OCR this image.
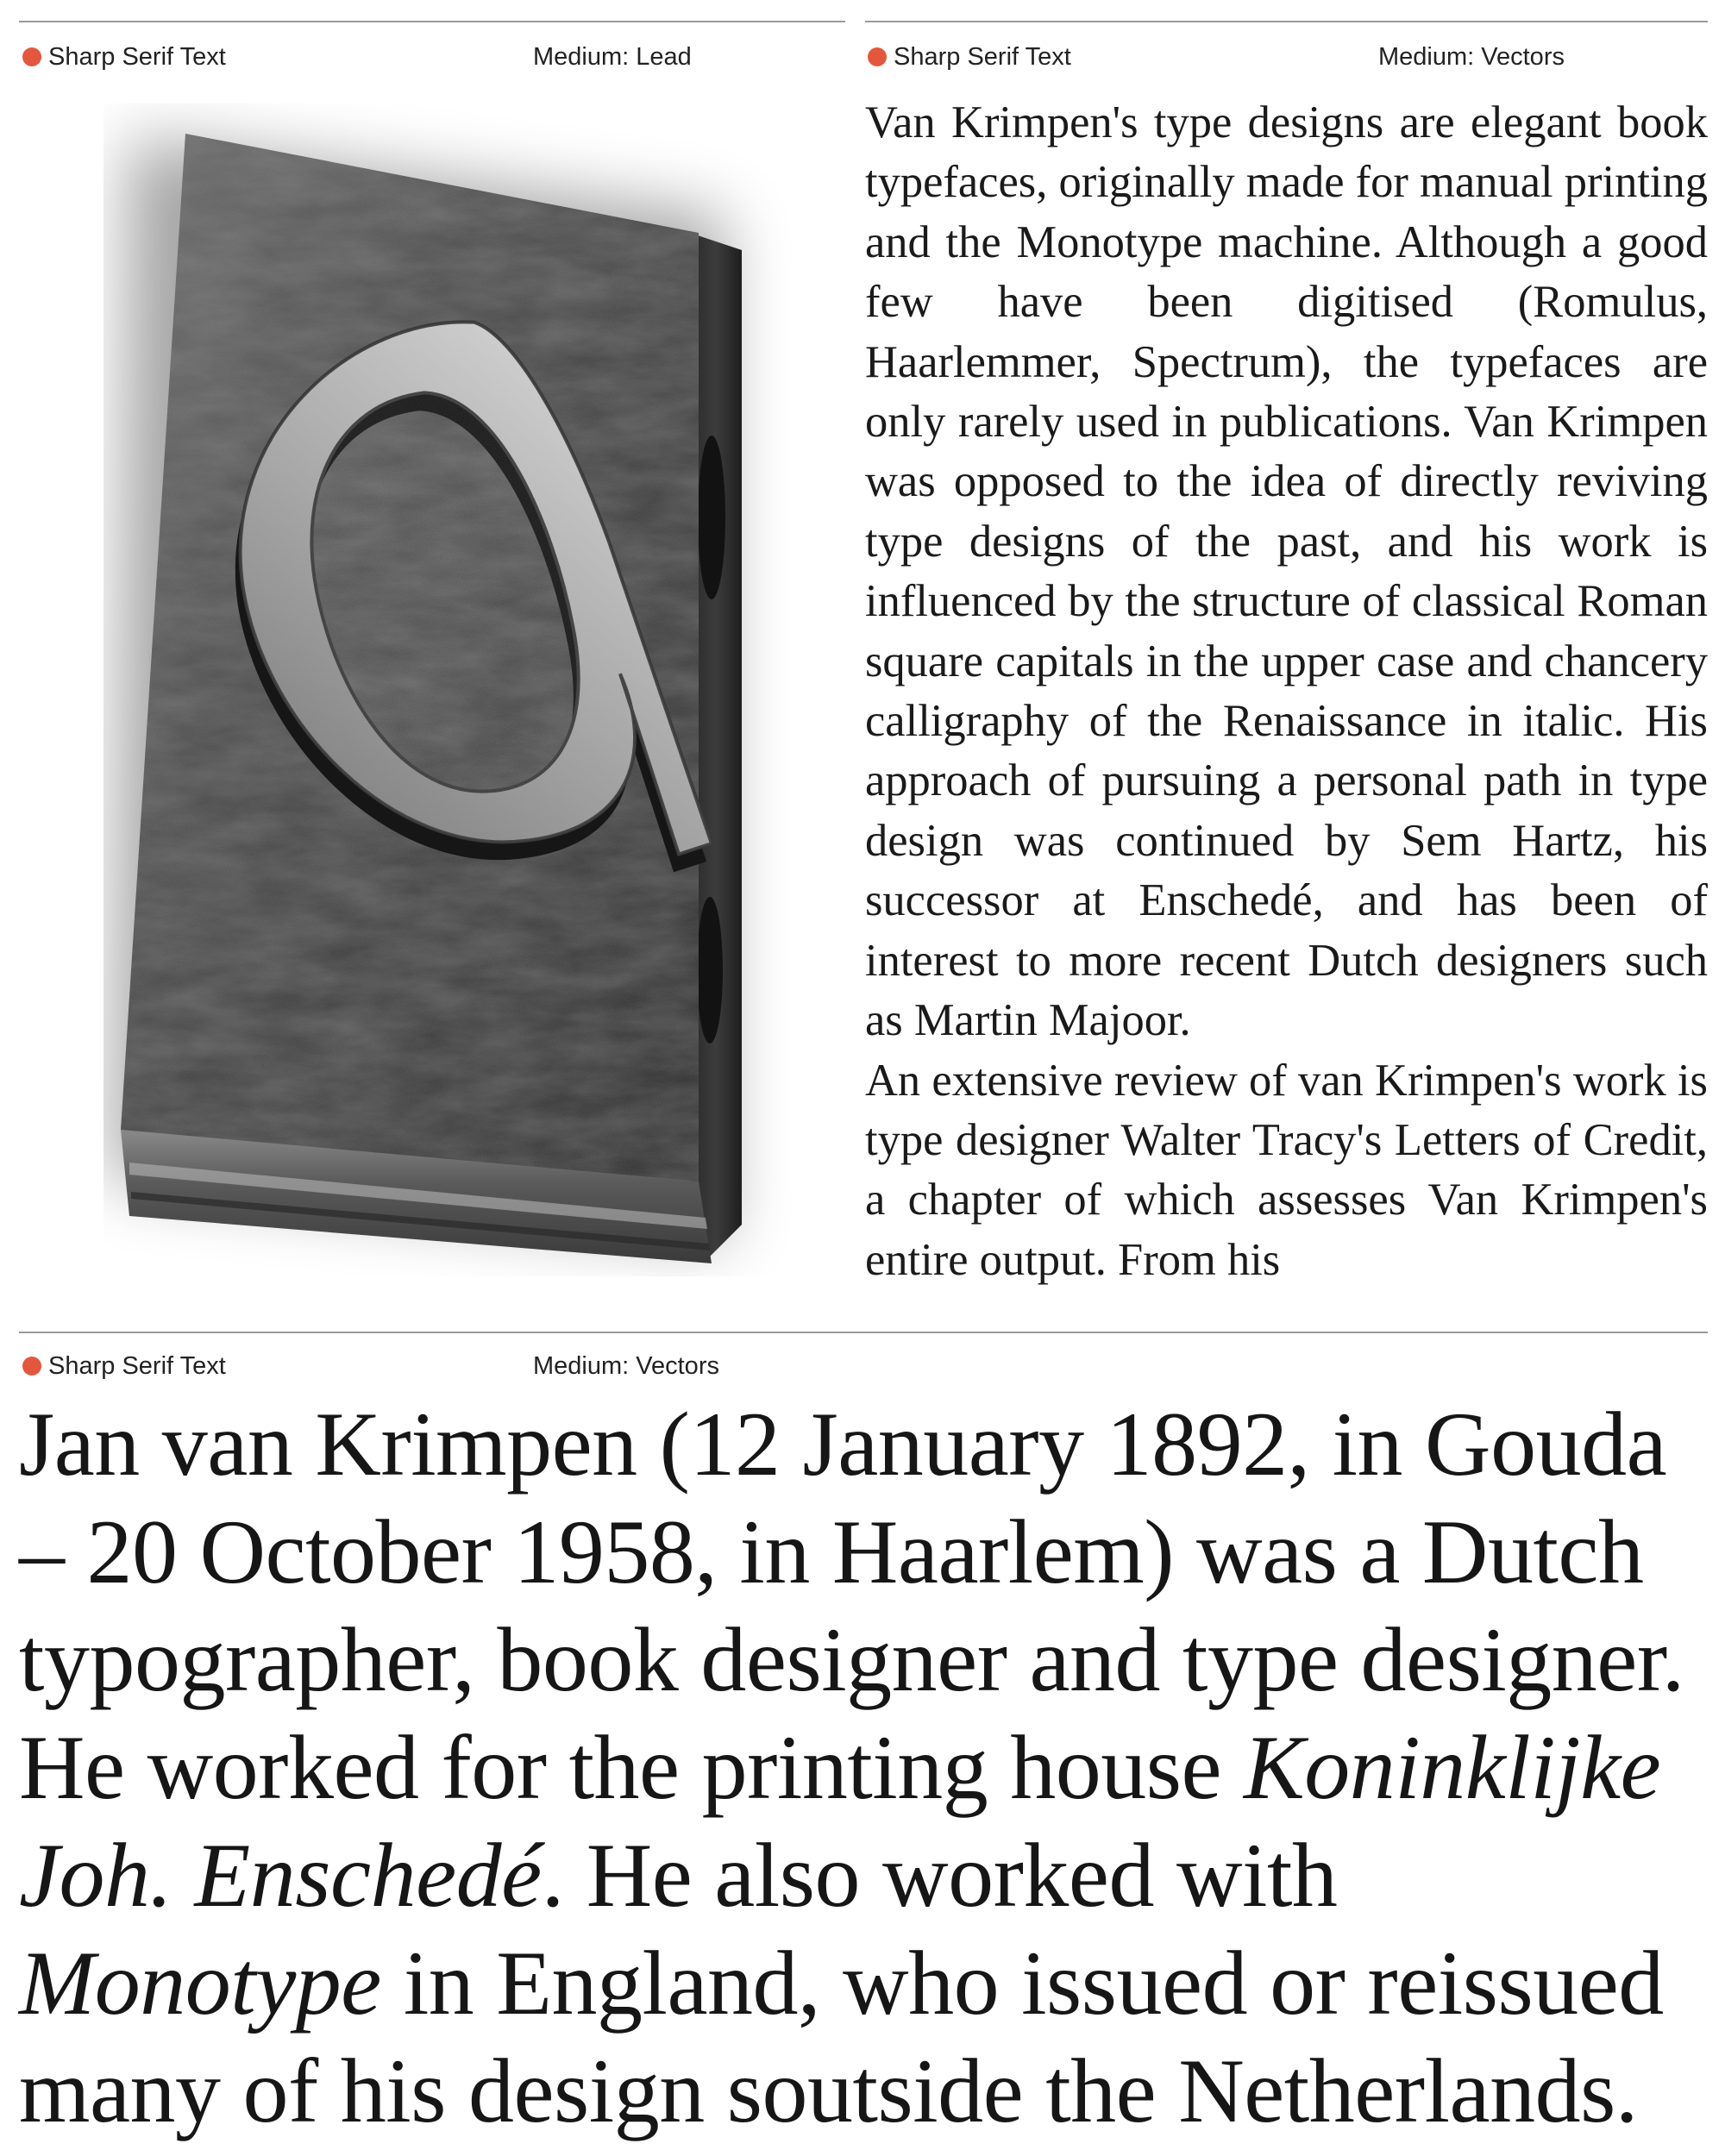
Sharp Serif Text	Medium: Lead	Sharp Serif Text	Medium: Vectors

Van Krimpen's type designs are elegant book typefaces, originally made for manual printing and the Monotype machine. Although a good few have been digitised (Romulus, Haarlemmer, Spectrum), the typefaces are only rarely used in publications. Van Krimpen was opposed to the idea of directly reviving type designs of the past, and his work is influenced by the structure of classical Roman square capitals in the upper case and chancery calligraphy of the Renaissance in italic. His approach of pursuing a personal path in type design was continued by Sem Hartz, his successor at Enschedé, and has been of interest to more recent Dutch designers such as Martin Majoor.

An extensive review of van Krimpen's work is type designer Walter Tracy's Letters of Credit, a chapter of which assesses Van Krimpen's entire output. From his

Sharp Serif Text	Medium: Vectors

Jan van Krimpen (12 January 1892, in Gouda – 20 October 1958, in Haarlem) was a Dutch typographer, book designer and type designer. He worked for the printing house Koninklijke Joh. Enschedé. He also worked with Monotype in England, who issued or reissued many of his design soutside the Netherlands.
